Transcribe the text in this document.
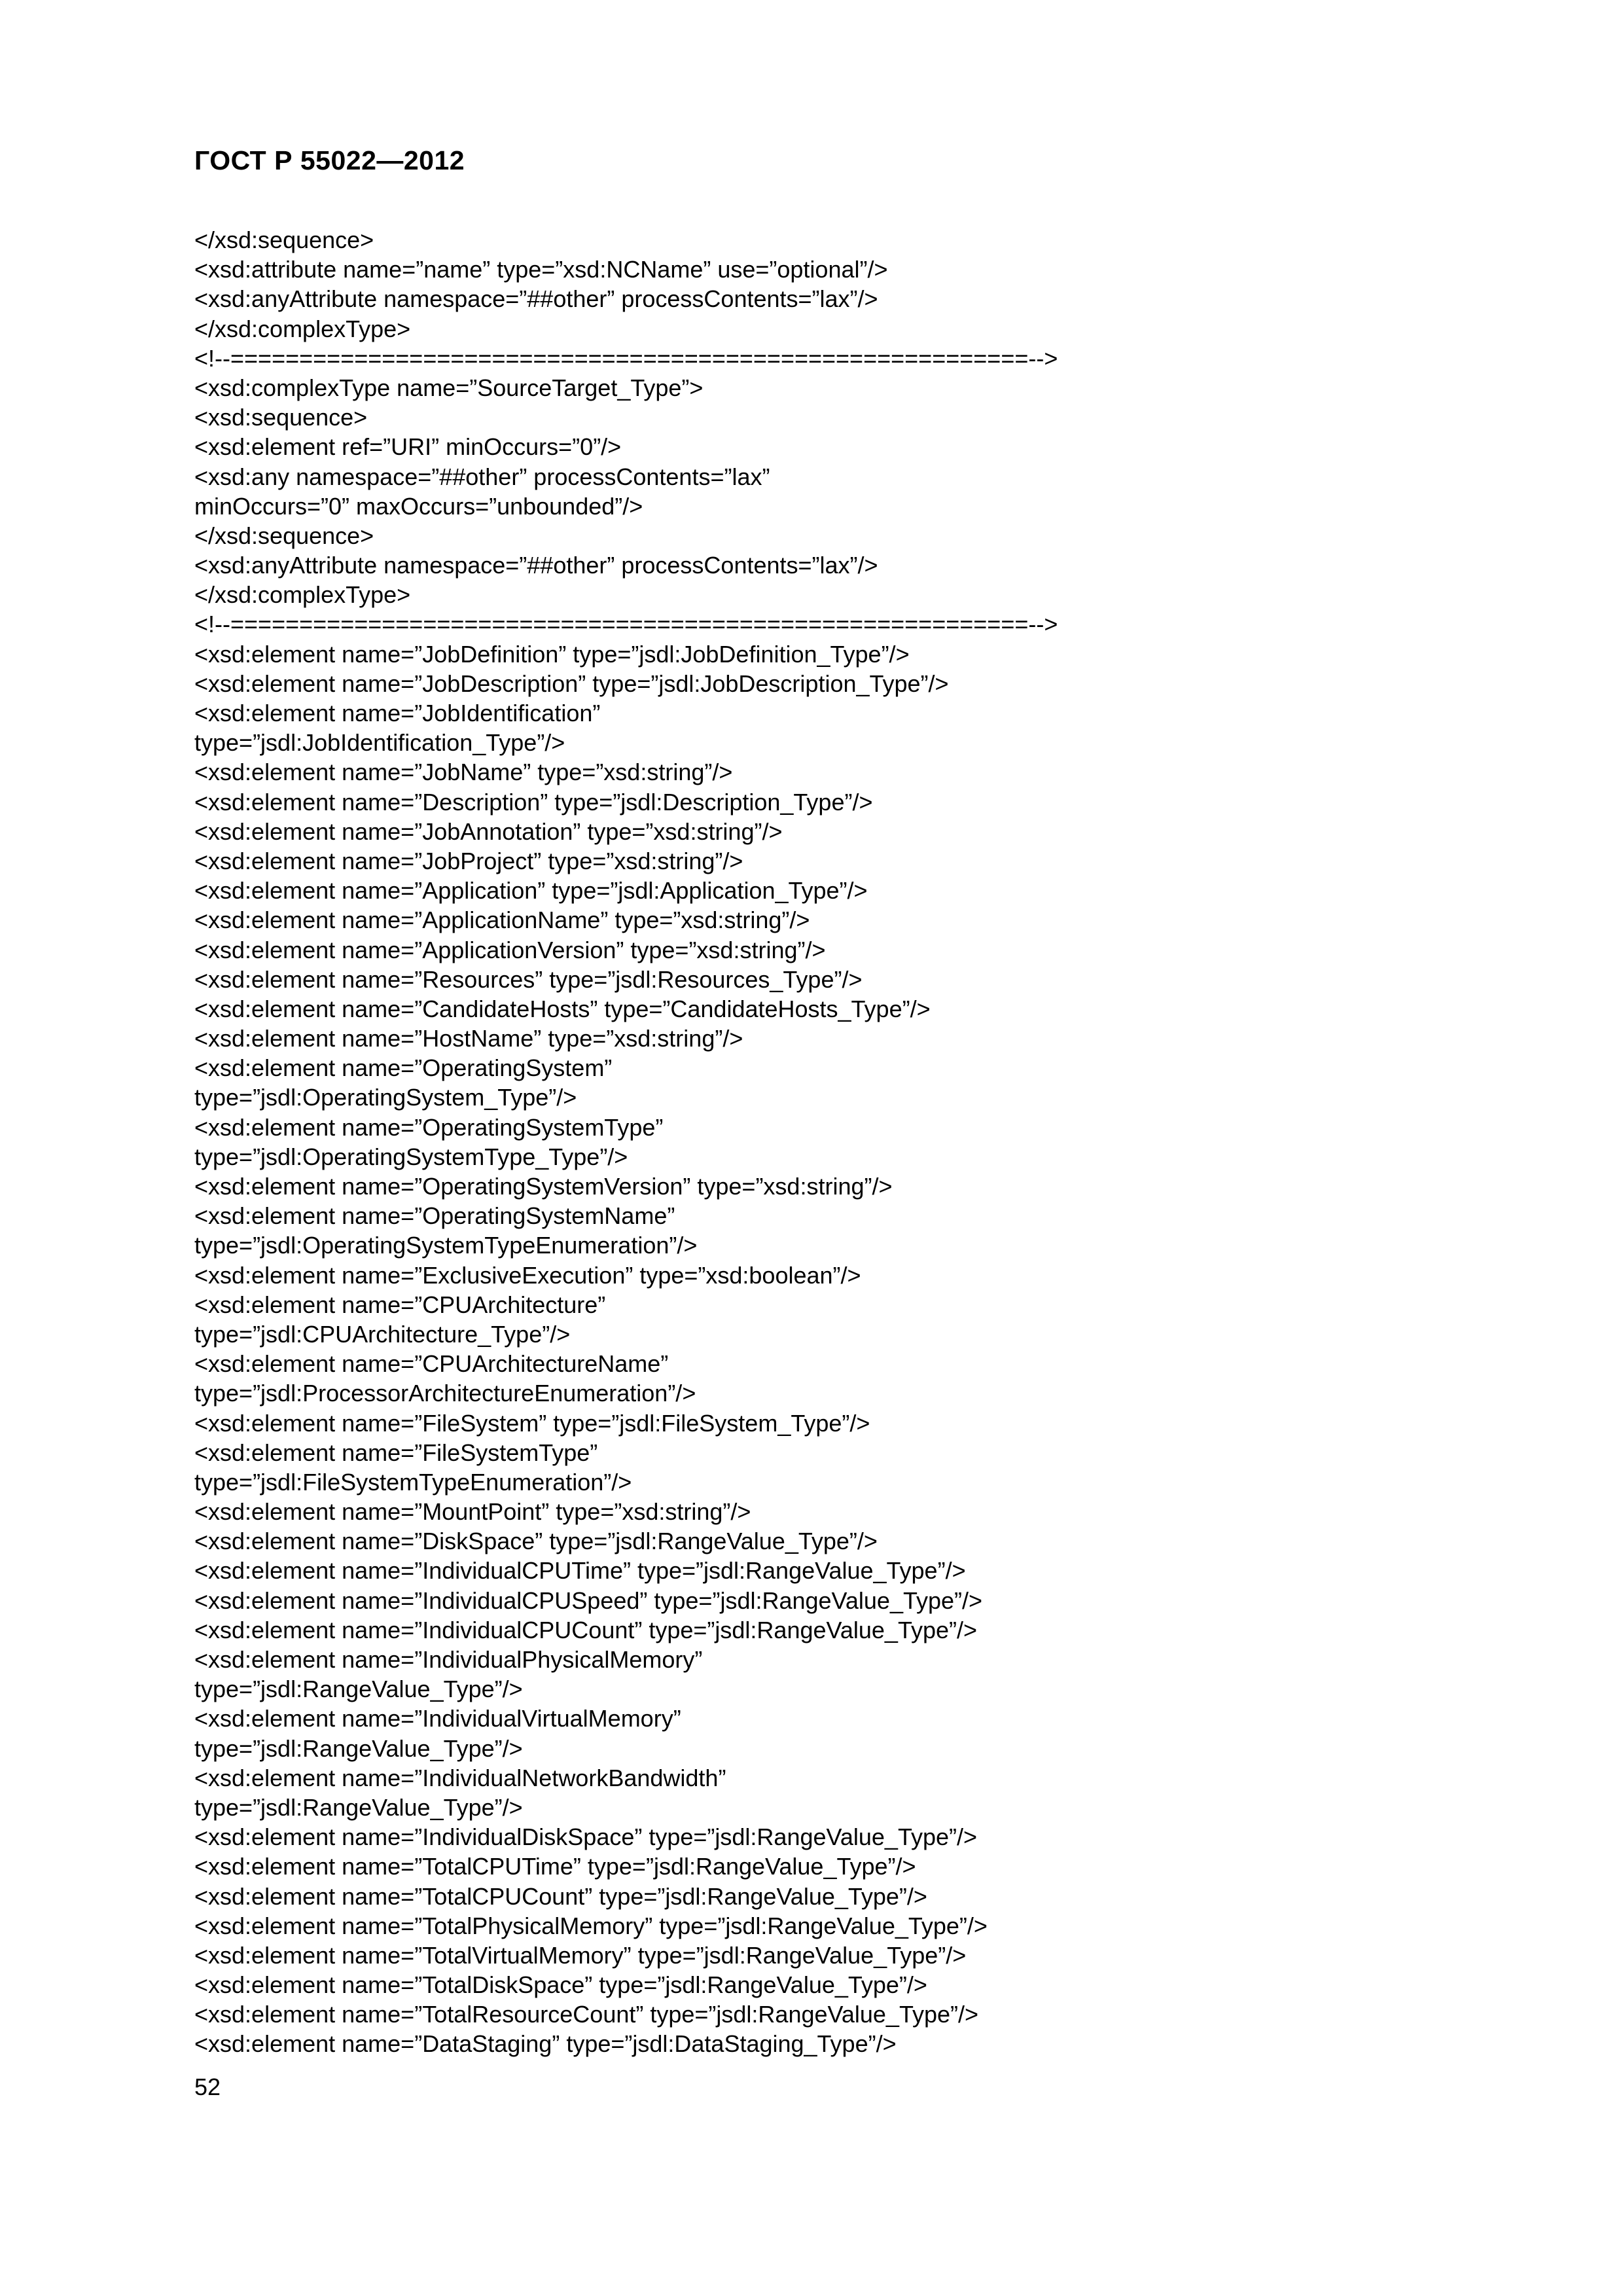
ГОСТ Р 55022—2012
</xsd:sequence>
<xsd:attribute name=”name” type=”xsd:NCName” use=”optional”/>
<xsd:anyAttribute namespace=”##other” processContents=”lax”/>
</xsd:complexType>
<!--==========================================================-->
<xsd:complexType name=”SourceTarget_Type”>
<xsd:sequence>
<xsd:element ref=”URI” minOccurs=”0”/>
<xsd:any namespace=”##other” processContents=”lax”
minOccurs=”0” maxOccurs=”unbounded”/>
</xsd:sequence>
<xsd:anyAttribute namespace=”##other” processContents=”lax”/>
</xsd:complexType>
<!--==========================================================-->
<xsd:element name=”JobDefinition” type=”jsdl:JobDefinition_Type”/>
<xsd:element name=”JobDescription” type=”jsdl:JobDescription_Type”/>
<xsd:element name=”JobIdentification”
type=”jsdl:JobIdentification_Type”/>
<xsd:element name=”JobName” type=”xsd:string”/>
<xsd:element name=”Description” type=”jsdl:Description_Type”/>
<xsd:element name=”JobAnnotation” type=”xsd:string”/>
<xsd:element name=”JobProject” type=”xsd:string”/>
<xsd:element name=”Application” type=”jsdl:Application_Type”/>
<xsd:element name=”ApplicationName” type=”xsd:string”/>
<xsd:element name=”ApplicationVersion” type=”xsd:string”/>
<xsd:element name=”Resources” type=”jsdl:Resources_Type”/>
<xsd:element name=”CandidateHosts” type=”CandidateHosts_Type”/>
<xsd:element name=”HostName” type=”xsd:string”/>
<xsd:element name=”OperatingSystem”
type=”jsdl:OperatingSystem_Type”/>
<xsd:element name=”OperatingSystemType”
type=”jsdl:OperatingSystemType_Type”/>
<xsd:element name=”OperatingSystemVersion” type=”xsd:string”/>
<xsd:element name=”OperatingSystemName”
type=”jsdl:OperatingSystemTypeEnumeration”/>
<xsd:element name=”ExclusiveExecution” type=”xsd:boolean”/>
<xsd:element name=”CPUArchitecture”
type=”jsdl:CPUArchitecture_Type”/>
<xsd:element name=”CPUArchitectureName”
type=”jsdl:ProcessorArchitectureEnumeration”/>
<xsd:element name=”FileSystem” type=”jsdl:FileSystem_Type”/>
<xsd:element name=”FileSystemType”
type=”jsdl:FileSystemTypeEnumeration”/>
<xsd:element name=”MountPoint” type=”xsd:string”/>
<xsd:element name=”DiskSpace” type=”jsdl:RangeValue_Type”/>
<xsd:element name=”IndividualCPUTime” type=”jsdl:RangeValue_Type”/>
<xsd:element name=”IndividualCPUSpeed” type=”jsdl:RangeValue_Type”/>
<xsd:element name=”IndividualCPUCount” type=”jsdl:RangeValue_Type”/>
<xsd:element name=”IndividualPhysicalMemory”
type=”jsdl:RangeValue_Type”/>
<xsd:element name=”IndividualVirtualMemory”
type=”jsdl:RangeValue_Type”/>
<xsd:element name=”IndividualNetworkBandwidth”
type=”jsdl:RangeValue_Type”/>
<xsd:element name=”IndividualDiskSpace” type=”jsdl:RangeValue_Type”/>
<xsd:element name=”TotalCPUTime” type=”jsdl:RangeValue_Type”/>
<xsd:element name=”TotalCPUCount” type=”jsdl:RangeValue_Type”/>
<xsd:element name=”TotalPhysicalMemory” type=”jsdl:RangeValue_Type”/>
<xsd:element name=”TotalVirtualMemory” type=”jsdl:RangeValue_Type”/>
<xsd:element name=”TotalDiskSpace” type=”jsdl:RangeValue_Type”/>
<xsd:element name=”TotalResourceCount” type=”jsdl:RangeValue_Type”/>
<xsd:element name=”DataStaging” type=”jsdl:DataStaging_Type”/>
52
